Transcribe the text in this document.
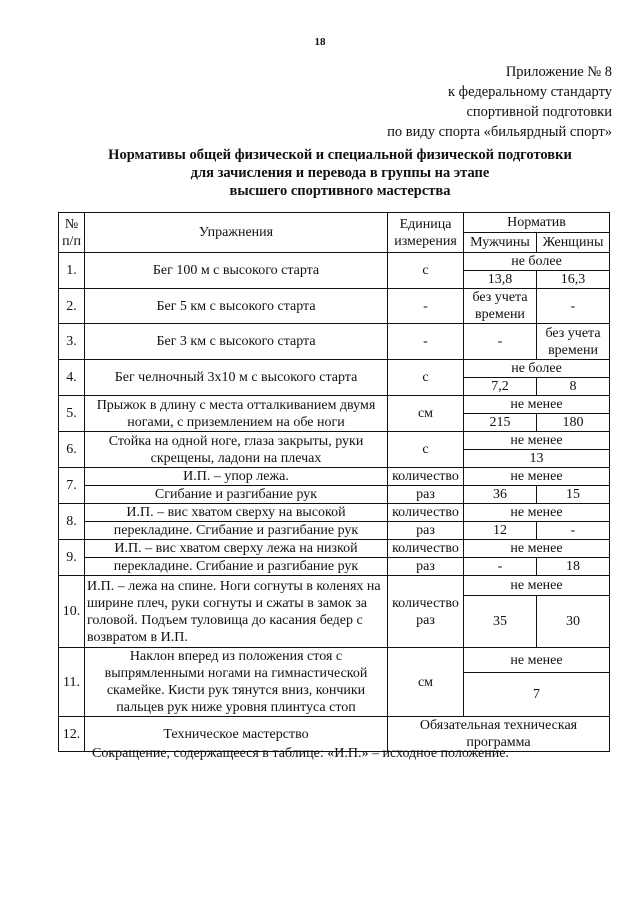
18
Приложение № 8
к федеральному стандарту
спортивной подготовки
по виду спорта «бильярдный спорт»
Нормативы общей физической и специальной физической подготовки
для зачисления и перевода в группы на этапе
высшего спортивного мастерства
№ п/п	Упражнения	Единица измерения	Норматив	
			Мужчины	Женщины
1.	Бег 100 м с высокого старта	с	не более	
			13,8	16,3
2.	Бег 5 км с высокого старта	-	без учета времени	-
3.	Бег 3 км с высокого старта	-	-	без учета времени
4.	Бег челночный 3х10 м с высокого старта	с	не более	
			7,2	8
5.	Прыжок в длину с места отталкиванием двумя ногами, с приземлением на обе ноги	см	не менее	
			215	180
6.	Стойка на одной ноге, глаза закрыты, руки скрещены, ладони на плечах	с	не менее	
			13	
7.	И.П. – упор лежа.	количество	не менее	
	Сгибание и разгибание рук	раз	36	15
8.	И.П. – вис хватом сверху на высокой	количество	не менее	
	перекладине. Сгибание и разгибание рук	раз	12	-
9.	И.П. – вис хватом сверху лежа на низкой	количество	не менее	
	перекладине. Сгибание и разгибание рук	раз	-	18
10.	И.П. – лежа на спине. Ноги согнуты в коленях на ширине плеч, руки согнуты и сжаты в замок за головой. Подъем туловища до касания бедер с возвратом в И.П.	количество раз	не менее	
			35	30
11.	Наклон вперед из положения стоя с выпрямленными ногами на гимнастической скамейке. Кисти рук тянутся вниз, кончики пальцев рук ниже уровня плинтуса стоп	см	не менее	
			7	
12.	Техническое мастерство	Обязательная техническая программа		
Сокращение, содержащееся в таблице: «И.П.» – исходное положение.
